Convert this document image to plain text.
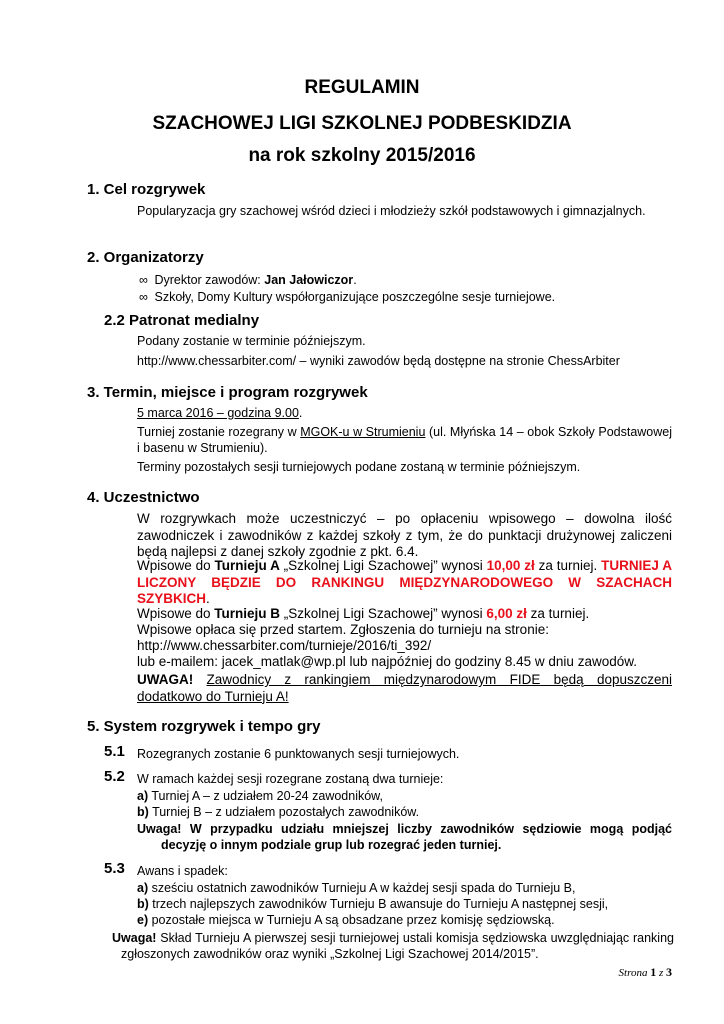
REGULAMIN
SZACHOWEJ LIGI SZKOLNEJ PODBESKIDZIA
na rok szkolny 2015/2016
1. Cel rozgrywek
Popularyzacja gry szachowej wśród dzieci i młodzieży szkół podstawowych i gimnazjalnych.
2. Organizatorzy
∞ Dyrektor zawodów: Jan Jałowiczor.
∞ Szkoły, Domy Kultury współorganizujące poszczególne sesje turniejowe.
2.2 Patronat medialny
Podany zostanie w terminie późniejszym.
http://www.chessarbiter.com/ – wyniki zawodów będą dostępne na stronie ChessArbiter
3. Termin, miejsce i program rozgrywek
5 marca 2016 – godzina 9.00.
Turniej zostanie rozegrany w MGOK-u w Strumieniu (ul. Młyńska 14 – obok Szkoły Podstawowej i basenu w Strumieniu).
Terminy pozostałych sesji turniejowych podane zostaną w terminie późniejszym.
4. Uczestnictwo
W rozgrywkach może uczestniczyć – po opłaceniu wpisowego – dowolna ilość zawodniczek i zawodników z każdej szkoły z tym, że do punktacji drużynowej zaliczeni będą najlepsi z danej szkoły zgodnie z pkt. 6.4.
Wpisowe do Turnieju A „Szkolnej Ligi Szachowej” wynosi 10,00 zł za turniej. TURNIEJ A LICZONY BĘDZIE DO RANKINGU MIĘDZYNARODOWEGO W SZACHACH SZYBKICH.
Wpisowe do Turnieju B „Szkolnej Ligi Szachowej” wynosi 6,00 zł za turniej.
Wpisowe opłaca się przed startem. Zgłoszenia do turnieju na stronie:
http://www.chessarbiter.com/turnieje/2016/ti_392/
lub e-mailem: jacek_matlak@wp.pl lub najpóźniej do godziny 8.45 w dniu zawodów.
UWAGA! Zawodnicy z rankingiem międzynarodowym FIDE będą dopuszczeni dodatkowo do Turnieju A!
5. System rozgrywek i tempo gry
5.1 Rozegranych zostanie 6 punktowanych sesji turniejowych.
5.2 W ramach każdej sesji rozegrane zostaną dwa turnieje:
a) Turniej A – z udziałem 20-24 zawodników,
b) Turniej B – z udziałem pozostałych zawodników.
Uwaga! W przypadku udziału mniejszej liczby zawodników sędziowie mogą podjąć decyzję o innym podziale grup lub rozegrać jeden turniej.
5.3 Awans i spadek:
a) sześciu ostatnich zawodników Turnieju A w każdej sesji spada do Turnieju B,
b) trzech najlepszych zawodników Turnieju B awansuje do Turnieju A następnej sesji,
e) pozostałe miejsca w Turnieju A są obsadzane przez komisję sędziowską.
Uwaga! Skład Turnieju A pierwszej sesji turniejowej ustali komisja sędziowska uwzględniając ranking zgłoszonych zawodników oraz wyniki „Szkolnej Ligi Szachowej 2014/2015”.
Strona 1 z 3
